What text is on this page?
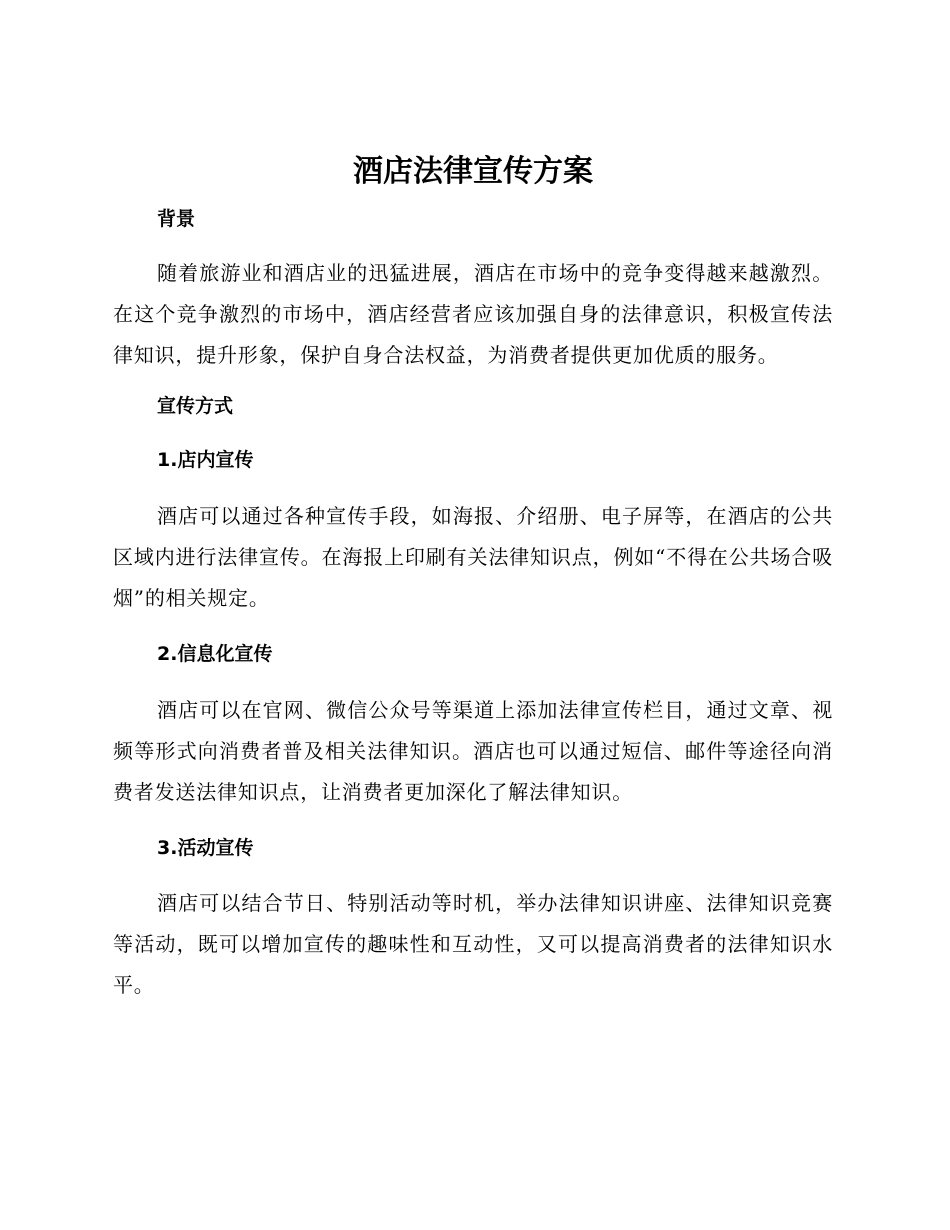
酒店法律宣传方案
背景

随着旅游业和酒店业的迅猛进展，酒店在市场中的竞争变得越来越激烈。在这个竞争激烈的市场中，酒店经营者应该加强自身的法律意识，积极宣传法律知识，提升形象，保护自身合法权益，为消费者提供更加优质的服务。

宣传方式
1.店内宣传

酒店可以通过各种宣传手段，如海报、介绍册、电子屏等，在酒店的公共区域内进行法律宣传。在海报上印刷有关法律知识点，例如“不得在公共场合吸烟”的相关规定。

2.信息化宣传

酒店可以在官网、微信公众号等渠道上添加法律宣传栏目，通过文章、视频等形式向消费者普及相关法律知识。酒店也可以通过短信、邮件等途径向消费者发送法律知识点，让消费者更加深化了解法律知识。

3.活动宣传

酒店可以结合节日、特别活动等时机，举办法律知识讲座、法律知识竞赛等活动，既可以增加宣传的趣味性和互动性，又可以提高消费者的法律知识水平。
